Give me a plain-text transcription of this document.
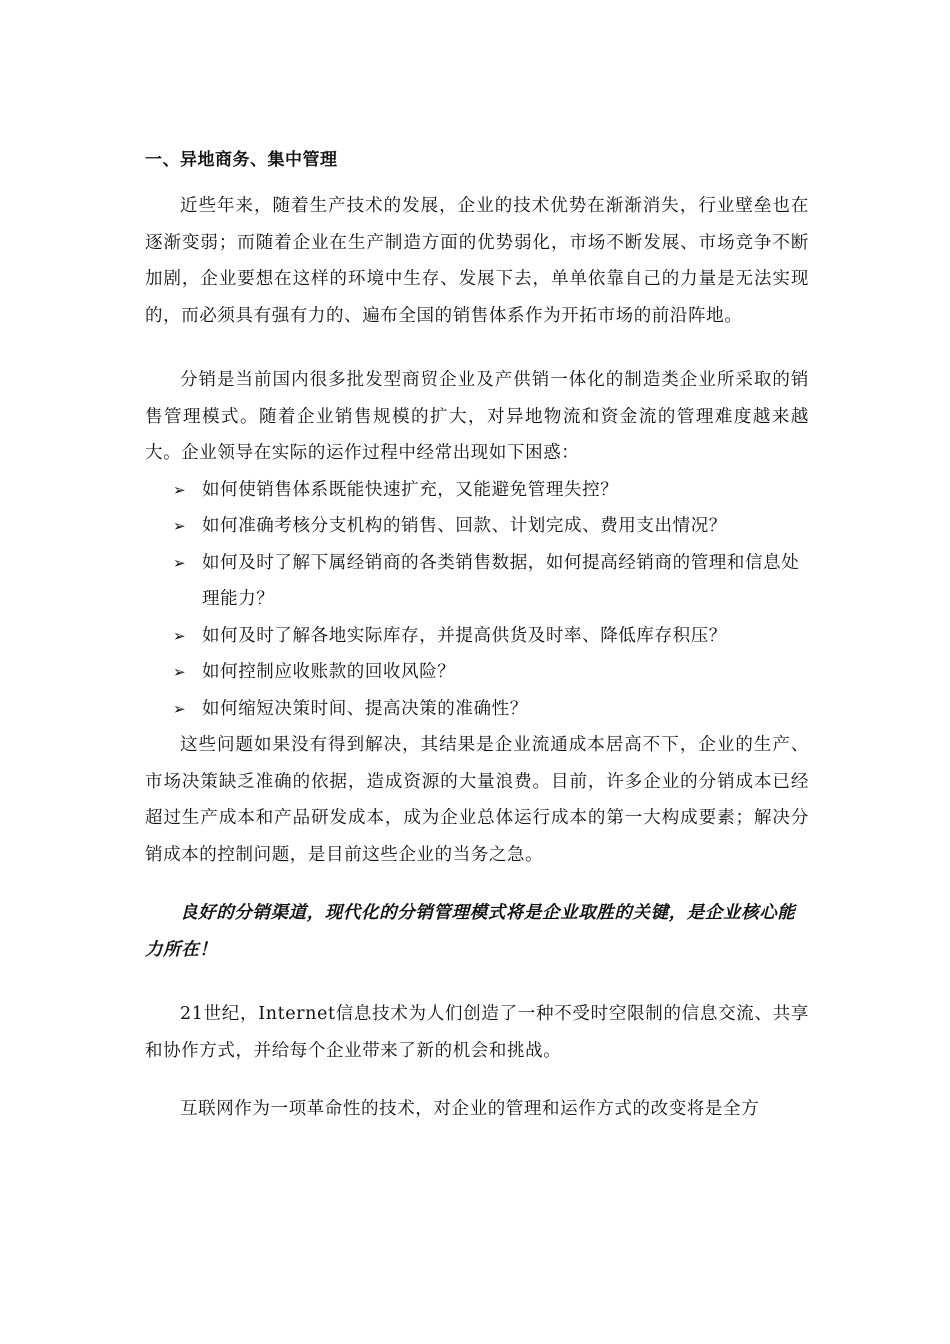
一、异地商务、集中管理

近些年来，随着生产技术的发展，企业的技术优势在渐渐消失，行业壁垒也在逐渐变弱；而随着企业在生产制造方面的优势弱化，市场不断发展、市场竞争不断加剧，企业要想在这样的环境中生存、发展下去，单单依靠自己的力量是无法实现的，而必须具有强有力的、遍布全国的销售体系作为开拓市场的前沿阵地。

分销是当前国内很多批发型商贸企业及产供销一体化的制造类企业所采取的销售管理模式。随着企业销售规模的扩大，对异地物流和资金流的管理难度越来越大。企业领导在实际的运作过程中经常出现如下困惑：

➢ 如何使销售体系既能快速扩充，又能避免管理失控？
➢ 如何准确考核分支机构的销售、回款、计划完成、费用支出情况？
➢ 如何及时了解下属经销商的各类销售数据，如何提高经销商的管理和信息处理能力？
➢ 如何及时了解各地实际库存，并提高供货及时率、降低库存积压？
➢ 如何控制应收账款的回收风险？
➢ 如何缩短决策时间、提高决策的准确性？

这些问题如果没有得到解决，其结果是企业流通成本居高不下，企业的生产、市场决策缺乏准确的依据，造成资源的大量浪费。目前，许多企业的分销成本已经超过生产成本和产品研发成本，成为企业总体运行成本的第一大构成要素；解决分销成本的控制问题，是目前这些企业的当务之急。

良好的分销渠道，现代化的分销管理模式将是企业取胜的关键，是企业核心能力所在！

21世纪，Internet信息技术为人们创造了一种不受时空限制的信息交流、共享和协作方式，并给每个企业带来了新的机会和挑战。

互联网作为一项革命性的技术，对企业的管理和运作方式的改变将是全方
